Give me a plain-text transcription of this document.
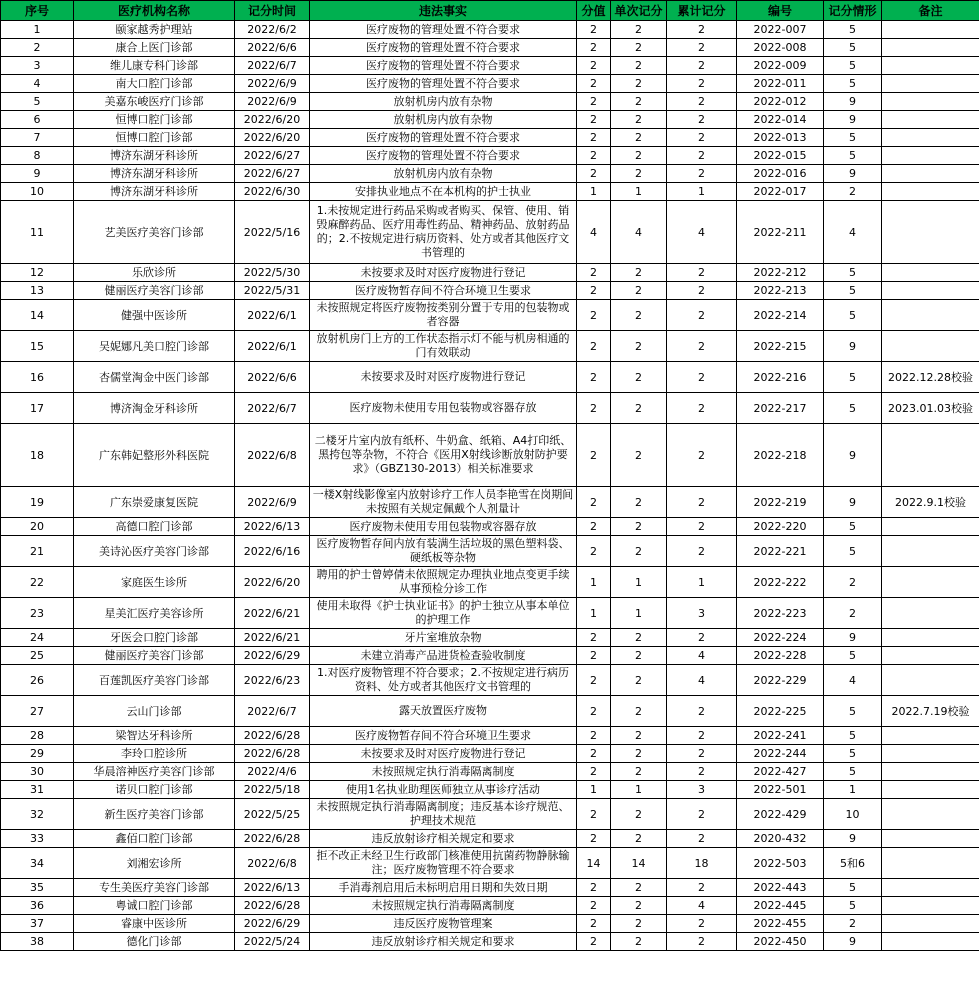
序号	医疗机构名称	记分时间	违法事实	分值	单次记分	累计记分	编号	记分情形	备注
1	颐家越秀护理站	2022/6/2	医疗废物的管理处置不符合要求	2	2	2	2022-007	5	
2	康合上医门诊部	2022/6/6	医疗废物的管理处置不符合要求	2	2	2	2022-008	5	
3	维儿康专科门诊部	2022/6/7	医疗废物的管理处置不符合要求	2	2	2	2022-009	5	
4	南大口腔门诊部	2022/6/9	医疗废物的管理处置不符合要求	2	2	2	2022-011	5	
5	美嘉东峻医疗门诊部	2022/6/9	放射机房内放有杂物	2	2	2	2022-012	9	
6	恒博口腔门诊部	2022/6/20	放射机房内放有杂物	2	2	2	2022-014	9	
7	恒博口腔门诊部	2022/6/20	医疗废物的管理处置不符合要求	2	2	2	2022-013	5	
8	博济东湖牙科诊所	2022/6/27	医疗废物的管理处置不符合要求	2	2	2	2022-015	5	
9	博济东湖牙科诊所	2022/6/27	放射机房内放有杂物	2	2	2	2022-016	9	
10	博济东湖牙科诊所	2022/6/30	安排执业地点不在本机构的护士执业	1	1	1	2022-017	2	
11	艺美医疗美容门诊部	2022/5/16	1.未按规定进行药品采购或者购买、保管、使用、销毁麻醉药品、医疗用毒性药品、精神药品、放射药品的；2.不按规定进行病历资料、处方或者其他医疗文书管理的	4	4	4	2022-211	4	
12	乐欣诊所	2022/5/30	未按要求及时对医疗废物进行登记	2	2	2	2022-212	5	
13	健丽医疗美容门诊部	2022/5/31	医疗废物暂存间不符合环境卫生要求	2	2	2	2022-213	5	
14	健强中医诊所	2022/6/1	未按照规定将医疗废物按类别分置于专用的包装物或者容器	2	2	2	2022-214	5	
15	吴妮娜凡美口腔门诊部	2022/6/1	放射机房门上方的工作状态指示灯不能与机房相通的门有效联动	2	2	2	2022-215	9	
16	杏儒堂淘金中医门诊部	2022/6/6	未按要求及时对医疗废物进行登记	2	2	2	2022-216	5	2022.12.28校验
17	博济淘金牙科诊所	2022/6/7	医疗废物未使用专用包装物或容器存放	2	2	2	2022-217	5	2023.01.03校验
18	广东韩妃整形外科医院	2022/6/8	二楼牙片室内放有纸杯、牛奶盒、纸箱、A4打印纸、黑挎包等杂物，不符合《医用X射线诊断放射防护要求》（GBZ130-2013）相关标准要求	2	2	2	2022-218	9	
19	广东崇爱康复医院	2022/6/9	一楼X射线影像室内放射诊疗工作人员李艳雪在岗期间未按照有关规定佩戴个人剂量计	2	2	2	2022-219	9	2022.9.1校验
20	高德口腔门诊部	2022/6/13	医疗废物未使用专用包装物或容器存放	2	2	2	2022-220	5	
21	美诗沁医疗美容门诊部	2022/6/16	医疗废物暂存间内放有装满生活垃圾的黑色塑料袋、硬纸板等杂物	2	2	2	2022-221	5	
22	家庭医生诊所	2022/6/20	聘用的护士曾婷倩未依照规定办理执业地点变更手续从事预检分诊工作	1	1	1	2022-222	2	
23	星美汇医疗美容诊所	2022/6/21	使用未取得《护士执业证书》的护士独立从事本单位的护理工作	1	1	3	2022-223	2	
24	牙医会口腔门诊部	2022/6/21	牙片室堆放杂物	2	2	2	2022-224	9	
25	健丽医疗美容门诊部	2022/6/29	未建立消毒产品进货检查验收制度	2	2	4	2022-228	5	
26	百莲凯医疗美容门诊部	2022/6/23	1.对医疗废物管理不符合要求；2.不按规定进行病历资料、处方或者其他医疗文书管理的	2	2	4	2022-229	4	
27	云山门诊部	2022/6/7	露天放置医疗废物	2	2	2	2022-225	5	2022.7.19校验
28	梁智达牙科诊所	2022/6/28	医疗废物暂存间不符合环境卫生要求	2	2	2	2022-241	5	
29	李玲口腔诊所	2022/6/28	未按要求及时对医疗废物进行登记	2	2	2	2022-244	5	
30	华晨溶神医疗美容门诊部	2022/4/6	未按照规定执行消毒隔离制度	2	2	2	2022-427	5	
31	诺贝口腔门诊部	2022/5/18	使用1名执业助理医师独立从事诊疗活动	1	1	3	2022-501	1	
32	新生医疗美容门诊部	2022/5/25	未按照规定执行消毒隔离制度；违反基本诊疗规范、护理技术规范	2	2	2	2022-429	10	
33	鑫佰口腔门诊部	2022/6/28	违反放射诊疗相关规定和要求	2	2	2	2020-432	9	
34	刘湘宏诊所	2022/6/8	拒不改正未经卫生行政部门核准使用抗菌药物静脉输注；医疗废物管理不符合要求	14	14	18	2022-503	5和6	
35	专生美医疗美容门诊部	2022/6/13	手消毒剂启用后未标明启用日期和失效日期	2	2	2	2022-443	5	
36	粤诚口腔门诊部	2022/6/28	未按照规定执行消毒隔离制度	2	2	4	2022-445	5	
37	睿康中医诊所	2022/6/29	违反医疗废物管理案	2	2	2	2022-455	2	
38	德化门诊部	2022/5/24	违反放射诊疗相关规定和要求	2	2	2	2022-450	9	
